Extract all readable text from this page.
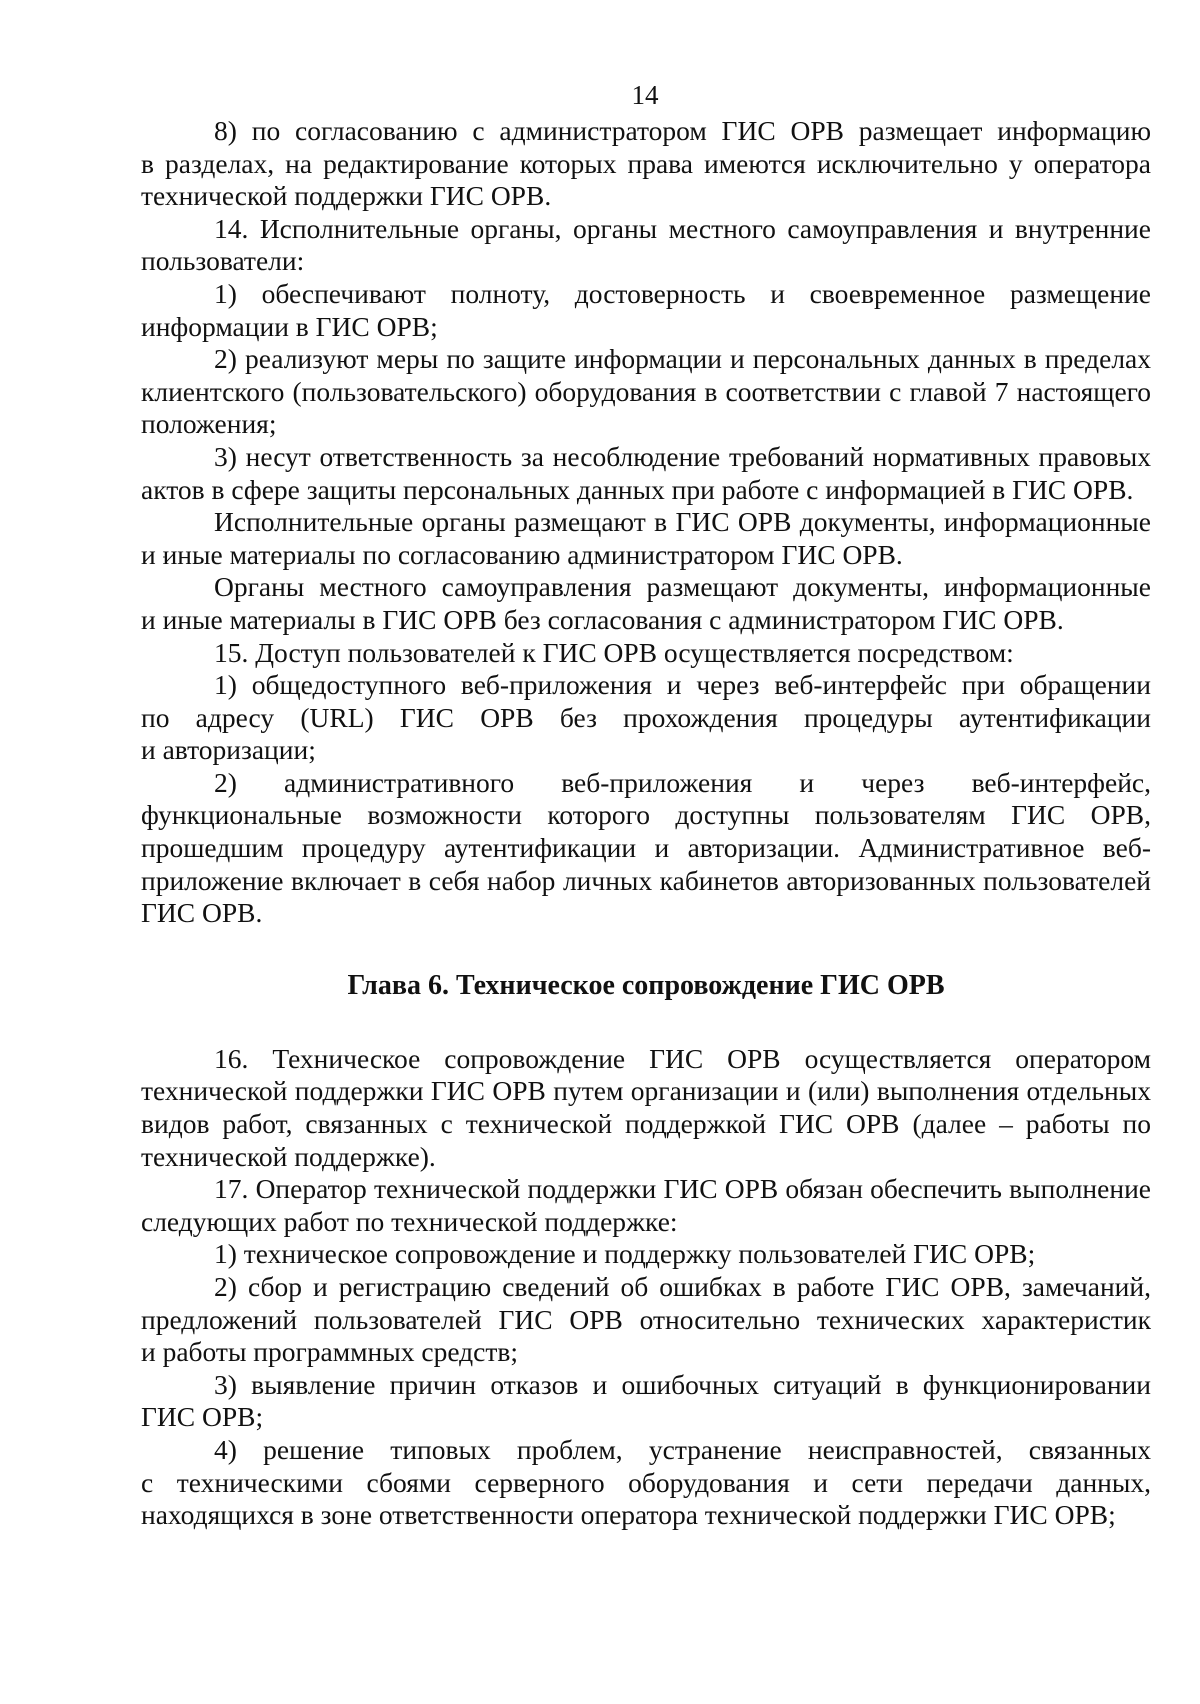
14

8) по согласованию с администратором ГИС ОРВ размещает информацию в разделах, на редактирование которых права имеются исключительно у оператора технической поддержки ГИС ОРВ.

14. Исполнительные органы, органы местного самоуправления и внутренние пользователи:

1) обеспечивают полноту, достоверность и своевременное размещение информации в ГИС ОРВ;

2) реализуют меры по защите информации и персональных данных в пределах клиентского (пользовательского) оборудования в соответствии с главой 7 настоящего положения;

3) несут ответственность за несоблюдение требований нормативных правовых актов в сфере защиты персональных данных при работе с информацией в ГИС ОРВ.

Исполнительные органы размещают в ГИС ОРВ документы, информационные и иные материалы по согласованию администратором ГИС ОРВ.

Органы местного самоуправления размещают документы, информационные и иные материалы в ГИС ОРВ без согласования с администратором ГИС ОРВ.

15. Доступ пользователей к ГИС ОРВ осуществляется посредством:

1) общедоступного веб-приложения и через веб-интерфейс при обращении по адресу (URL) ГИС ОРВ без прохождения процедуры аутентификации и авторизации;

2) административного веб-приложения и через веб-интерфейс, функциональные возможности которого доступны пользователям ГИС ОРВ, прошедшим процедуру аутентификации и авторизации. Административное веб-приложение включает в себя набор личных кабинетов авторизованных пользователей ГИС ОРВ.

Глава 6. Техническое сопровождение ГИС ОРВ

16. Техническое сопровождение ГИС ОРВ осуществляется оператором технической поддержки ГИС ОРВ путем организации и (или) выполнения отдельных видов работ, связанных с технической поддержкой ГИС ОРВ (далее – работы по технической поддержке).

17. Оператор технической поддержки ГИС ОРВ обязан обеспечить выполнение следующих работ по технической поддержке:

1) техническое сопровождение и поддержку пользователей ГИС ОРВ;

2) сбор и регистрацию сведений об ошибках в работе ГИС ОРВ, замечаний, предложений пользователей ГИС ОРВ относительно технических характеристик и работы программных средств;

3) выявление причин отказов и ошибочных ситуаций в функционировании ГИС ОРВ;

4) решение типовых проблем, устранение неисправностей, связанных с техническими сбоями серверного оборудования и сети передачи данных, находящихся в зоне ответственности оператора технической поддержки ГИС ОРВ;
